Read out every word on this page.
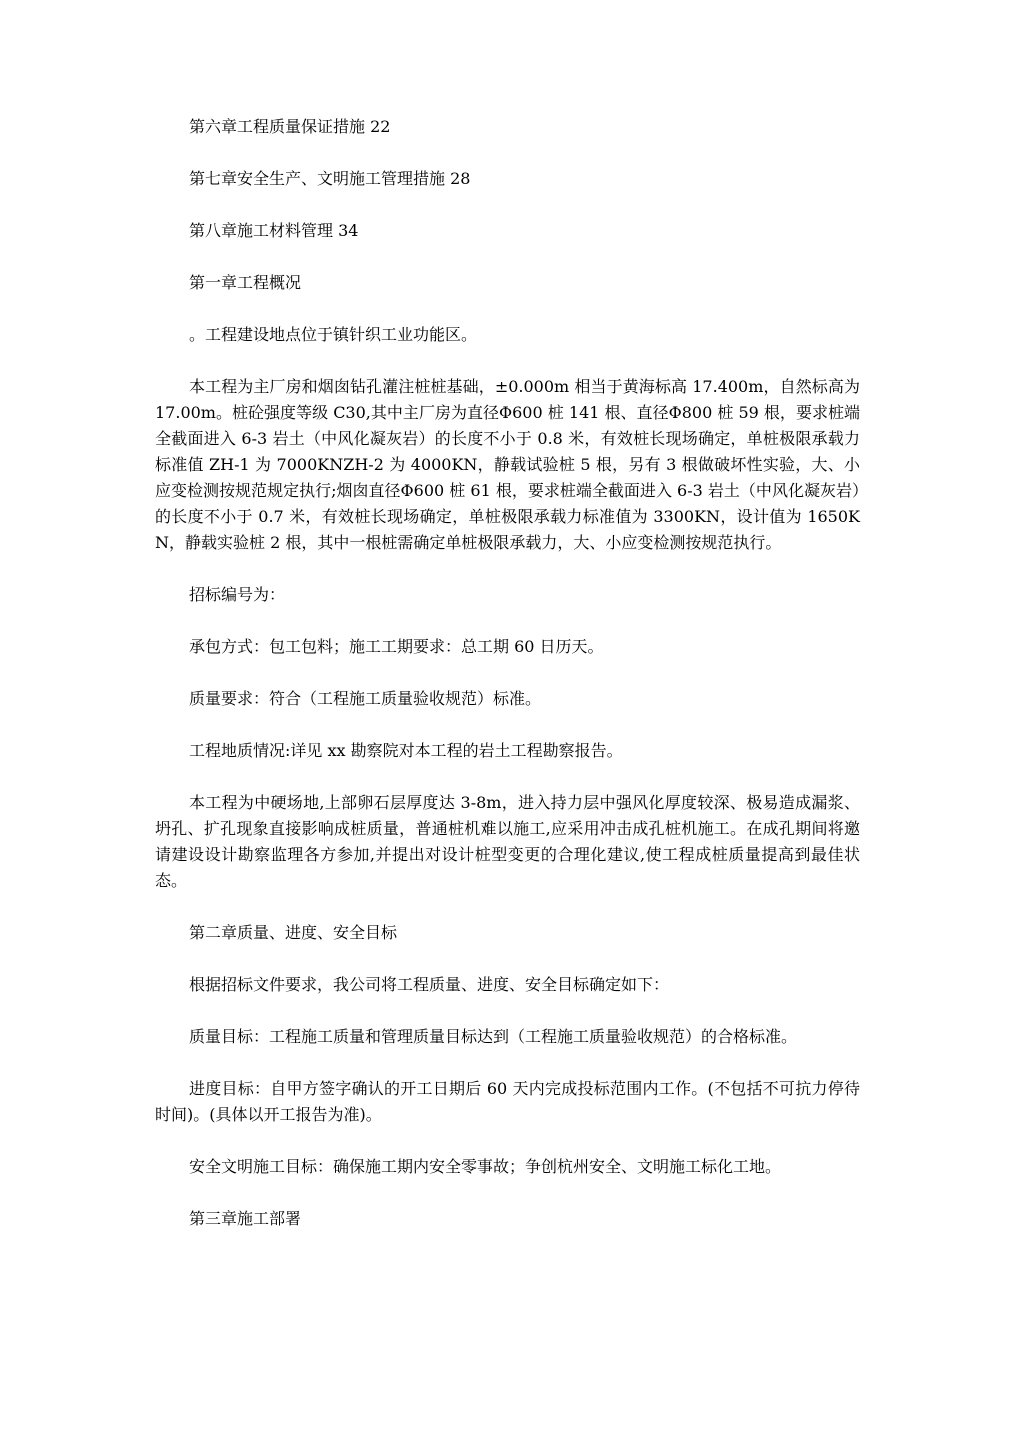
第六章工程质量保证措施 22

第七章安全生产、文明施工管理措施 28

第八章施工材料管理 34

第一章工程概况

。工程建设地点位于镇针织工业功能区。

本工程为主厂房和烟囱钻孔灌注桩桩基础，±0.000m 相当于黄海标高 17.400m，自然标高为 17.00m。桩砼强度等级 C30,其中主厂房为直径Φ600 桩 141 根、直径Φ800 桩 59 根，要求桩端全截面进入 6-3 岩土（中风化凝灰岩）的长度不小于 0.8 米，有效桩长现场确定，单桩极限承载力标准值 ZH-1 为 7000KNZH-2 为 4000KN，静载试验桩 5 根，另有 3 根做破坏性实验，大、小应变检测按规范规定执行;烟囱直径Φ600 桩 61 根，要求桩端全截面进入 6-3 岩土（中风化凝灰岩）的长度不小于 0.7 米，有效桩长现场确定，单桩极限承载力标准值为 3300KN，设计值为 1650KN，静载实验桩 2 根，其中一根桩需确定单桩极限承载力，大、小应变检测按规范执行。

招标编号为：

承包方式：包工包料；施工工期要求：总工期 60 日历天。

质量要求：符合（工程施工质量验收规范）标准。

工程地质情况:详见 xx 勘察院对本工程的岩土工程勘察报告。

本工程为中硬场地,上部卵石层厚度达 3-8m，进入持力层中强风化厚度较深、极易造成漏浆、坍孔、扩孔现象直接影响成桩质量，普通桩机难以施工,应采用冲击成孔桩机施工。在成孔期间将邀请建设设计勘察监理各方参加,并提出对设计桩型变更的合理化建议,使工程成桩质量提高到最佳状态。

第二章质量、进度、安全目标

根据招标文件要求，我公司将工程质量、进度、安全目标确定如下：

质量目标：工程施工质量和管理质量目标达到（工程施工质量验收规范）的合格标准。

进度目标：自甲方签字确认的开工日期后 60 天内完成投标范围内工作。(不包括不可抗力停待时间)。(具体以开工报告为准)。

安全文明施工目标：确保施工期内安全零事故；争创杭州安全、文明施工标化工地。

第三章施工部署
